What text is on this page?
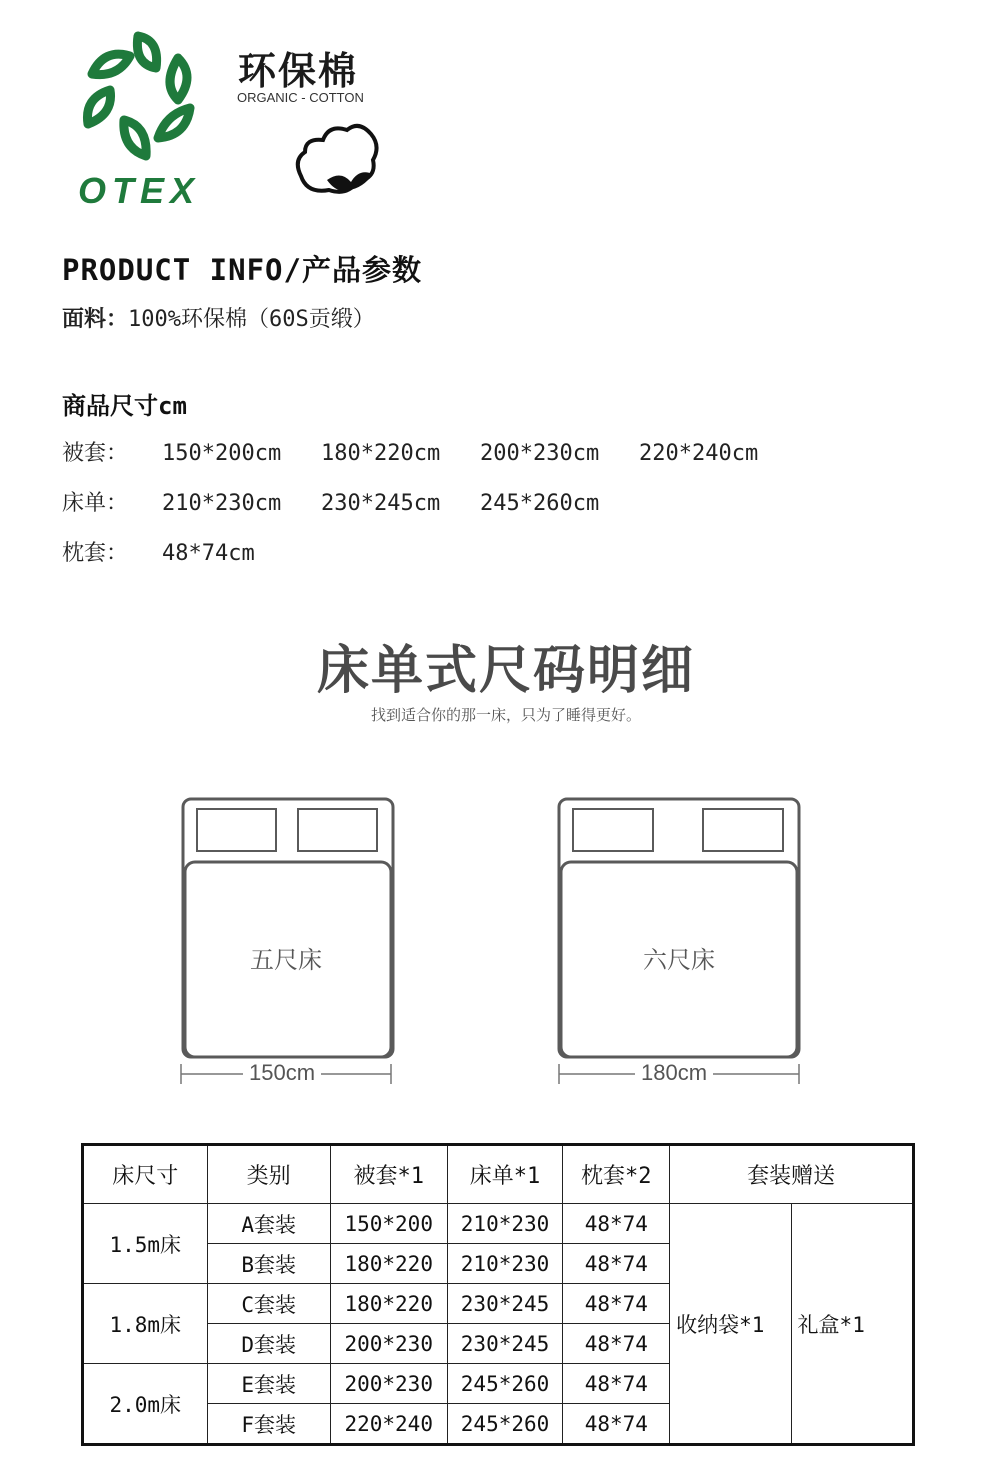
OTEX
环保棉
ORGANIC - COTTON
PRODUCT INFO/产品参数
面料：100%环保棉（60S贡缎）
商品尺寸cm
被套： 150*200cm 180*220cm 200*230cm 220*240cm
床单： 210*230cm 230*245cm 245*260cm
枕套： 48*74cm
床单式尺码明细
找到适合你的那一床，只为了睡得更好。
五尺床
150cm
六尺床
180cm
床尺寸	类别	被套*1	床单*1	枕套*2	套装赠送	
1.5m床	A套装	150*200	210*230	48*74	收纳袋*1	礼盒*1
	B套装	180*220	210*230	48*74		
1.8m床	C套装	180*220	230*245	48*74		
	D套装	200*230	230*245	48*74		
2.0m床	E套装	200*230	245*260	48*74		
	F套装	220*240	245*260	48*74		
